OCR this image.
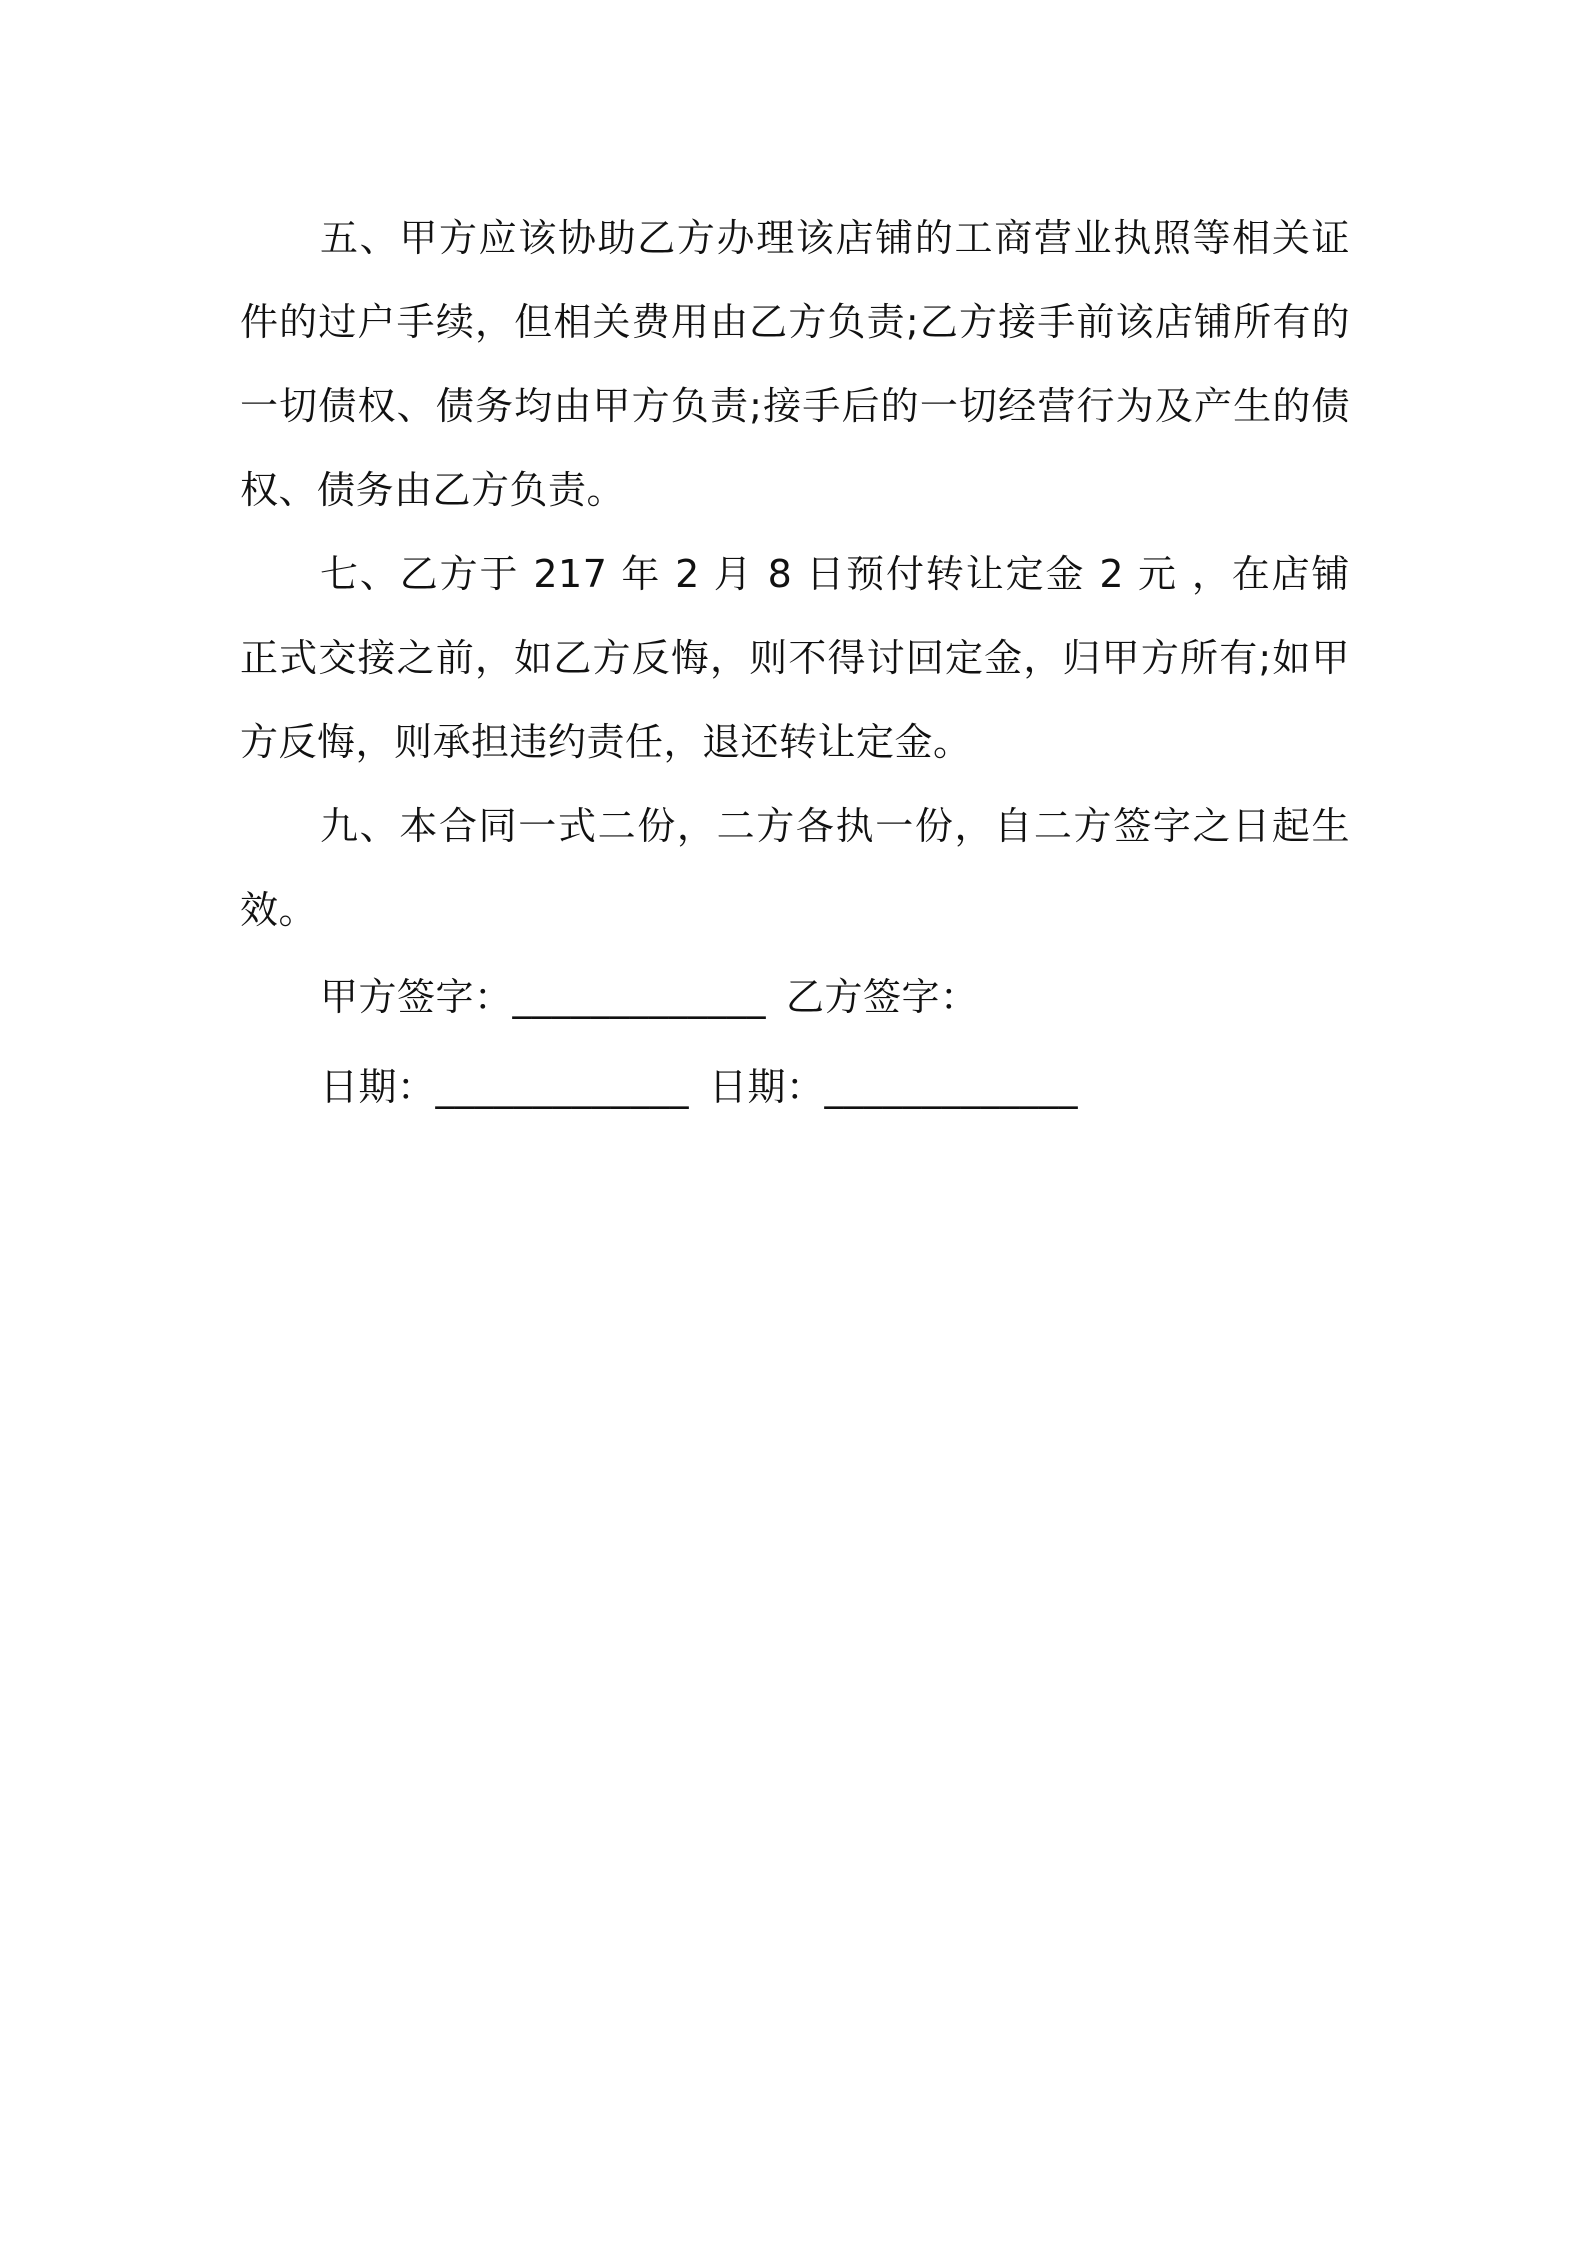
五、甲方应该协助乙方办理该店铺的工商营业执照等相关证件的过户手续，但相关费用由乙方负责;乙方接手前该店铺所有的一切债权、债务均由甲方负责;接手后的一切经营行为及产生的债权、债务由乙方负责。

七、乙方于 217 年 2 月 8 日预付转让定金 2 元 ，在店铺正式交接之前，如乙方反悔，则不得讨回定金，归甲方所有;如甲方反悔，则承担违约责任，退还转让定金。

九、本合同一式二份，二方各执一份，自二方签字之日起生效。

甲方签字：_____________ 乙方签字：
日期：_____________ 日期：_____________
